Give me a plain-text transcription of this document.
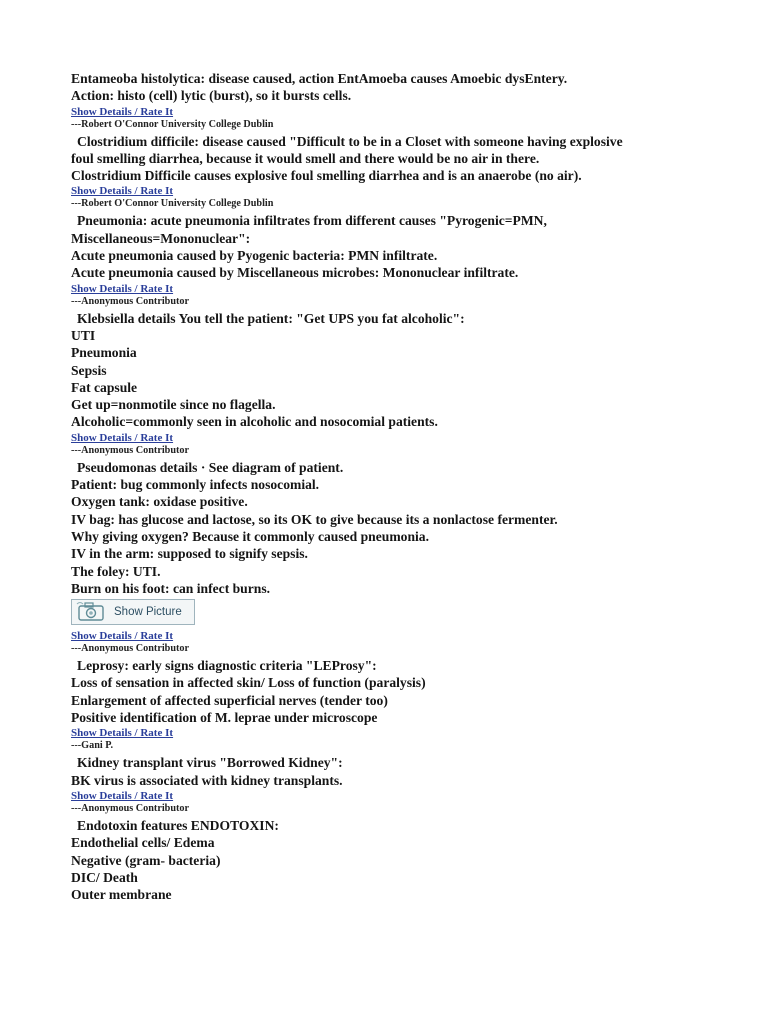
Entameoba histolytica: disease caused, action EntAmoeba causes Amoebic dysEntery.
Action: histo (cell) lytic (burst), so it bursts cells.
Show Details / Rate It
---Robert O'Connor University College Dublin
Clostridium difficile: disease caused "Difficult to be in a Closet with someone having explosive
foul smelling diarrhea, because it would smell and there would be no air in there.
Clostridium Difficile causes explosive foul smelling diarrhea and is an anaerobe (no air).
Show Details / Rate It
---Robert O'Connor University College Dublin
Pneumonia: acute pneumonia infiltrates from different causes "Pyrogenic=PMN,
Miscellaneous=Mononuclear":
Acute pneumonia caused by Pyogenic bacteria: PMN infiltrate.
Acute pneumonia caused by Miscellaneous microbes: Mononuclear infiltrate.
Show Details / Rate It
---Anonymous Contributor
Klebsiella details You tell the patient: "Get UPS you fat alcoholic":
UTI
Pneumonia
Sepsis
Fat capsule
Get up=nonmotile since no flagella.
Alcoholic=commonly seen in alcoholic and nosocomial patients.
Show Details / Rate It
---Anonymous Contributor
Pseudomonas details · See diagram of patient.
Patient: bug commonly infects nosocomial.
Oxygen tank: oxidase positive.
IV bag: has glucose and lactose, so its OK to give because its a nonlactose fermenter.
Why giving oxygen? Because it commonly caused pneumonia.
IV in the arm: supposed to signify sepsis.
The foley: UTI.
Burn on his foot: can infect burns.
Show Picture
Show Details / Rate It
---Anonymous Contributor
Leprosy: early signs diagnostic criteria "LEProsy":
Loss of sensation in affected skin/ Loss of function (paralysis)
Enlargement of affected superficial nerves (tender too)
Positive identification of M. leprae under microscope
Show Details / Rate It
---Gani P.
Kidney transplant virus "Borrowed Kidney":
BK virus is associated with kidney transplants.
Show Details / Rate It
---Anonymous Contributor
Endotoxin features ENDOTOXIN:
Endothelial cells/ Edema
Negative (gram- bacteria)
DIC/ Death
Outer membrane
